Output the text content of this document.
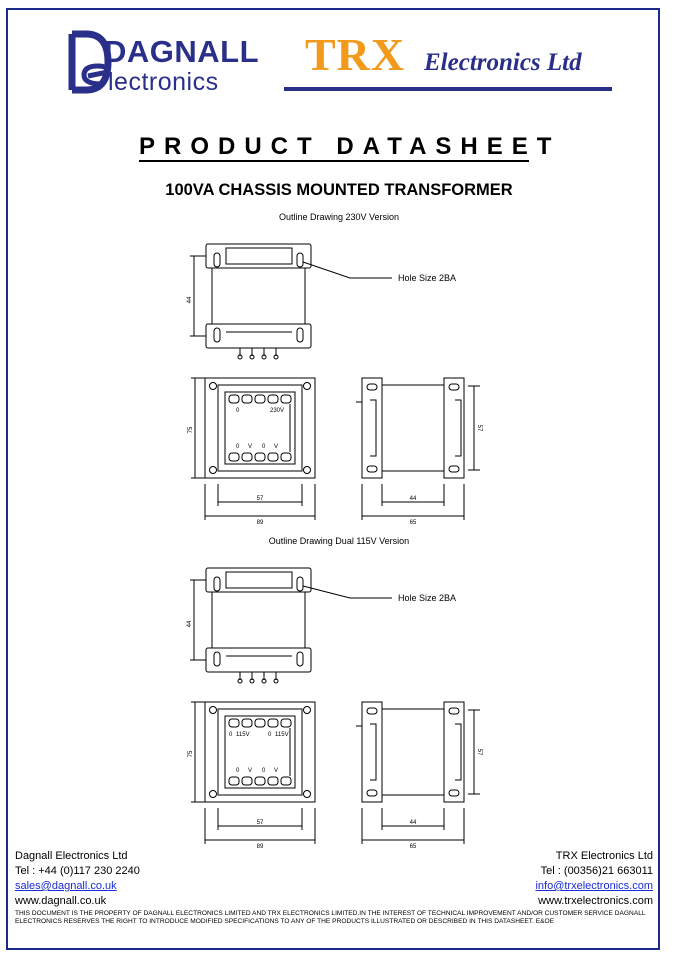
DAGNALL
lectronics
TRX Electronics Ltd
PRODUCT DATASHEET
100VA CHASSIS MOUNTED TRANSFORMER
Outline Drawing 230V Version
44
75
57
89
44
65
57
0	230V
0 V 0 V
Hole Size 2BA
Outline Drawing Dual 115V Version
44
75
57
89
44
65
57
0 115V	0 115V
0 V 0 V
Hole Size 2BA
Dagnall Electronics Ltd
Tel : +44 (0)117 230 2240
sales@dagnall.co.uk
www.dagnall.co.uk
TRX Electronics Ltd
Tel : (00356)21 663011
info@trxelectronics.com
www.trxelectronics.com
THIS DOCUMENT IS THE PROPERTY OF DAGNALL ELECTRONICS LIMITED AND TRX ELECTRONICS LIMITED.IN THE INTEREST OF TECHNICAL IMPROVEMENT AND/OR CUSTOMER SERVICE DAGNALL ELECTRONICS RESERVES THE RIGHT TO INTRODUCE MODIFIED SPECIFICATIONS TO ANY OF THE PRODUCTS ILLUSTRATED OR DESCRIBED IN THIS DATASHEET. E&OE
